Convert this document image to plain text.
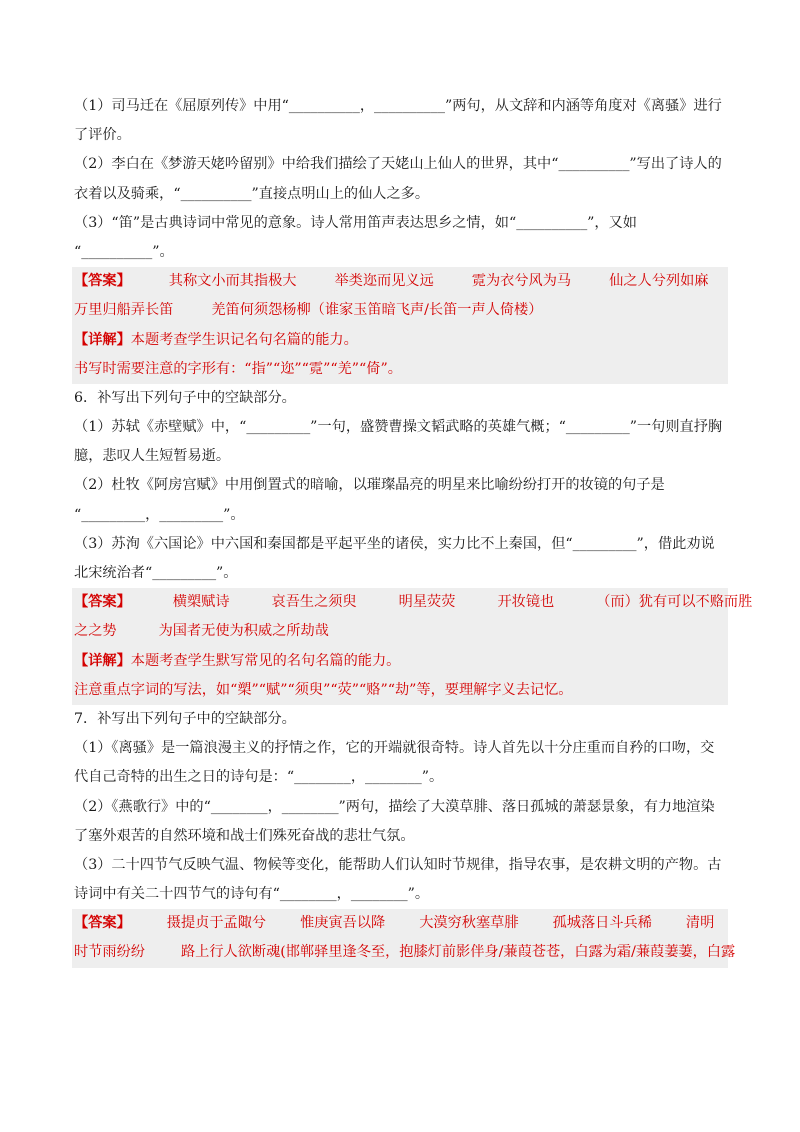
（1）司马迁在《屈原列传》中用“__________，__________”两句，从文辞和内涵等角度对《离骚》进行
了评价。
（2）李白在《梦游天姥吟留别》中给我们描绘了天姥山上仙人的世界，其中“__________”写出了诗人的
衣着以及骑乘，“__________”直接点明山上的仙人之多。
（3）“笛”是古典诗词中常见的意象。诗人常用笛声表达思乡之情，如“__________”，又如
“__________”。
【答案】	其称文小而其指极大	举类迩而见义远	霓为衣兮风为马	仙之人兮列如麻
万里归船弄长笛	羌笛何须怨杨柳（谁家玉笛暗飞声/长笛一声人倚楼）
【详解】本题考查学生识记名句名篇的能力。
书写时需要注意的字形有：“指”“迩”“霓”“羌”“倚”。
6．补写出下列句子中的空缺部分。
（1）苏轼《赤壁赋》中，“_________”一句，盛赞曹操文韬武略的英雄气概；“_________”一句则直抒胸
臆，悲叹人生短暂易逝。
（2）杜牧《阿房宫赋》中用倒置式的暗喻，以璀璨晶亮的明星来比喻纷纷打开的妆镜的句子是
“_________，_________”。
（3）苏洵《六国论》中六国和秦国都是平起平坐的诸侯，实力比不上秦国，但“_________”，借此劝说
北宋统治者“_________”。
【答案】	横槊赋诗	哀吾生之须臾	明星荧荧	开妆镜也	（而）犹有可以不赂而胜
之之势	为国者无使为积威之所劫哉
【详解】本题考查学生默写常见的名句名篇的能力。
注意重点字词的写法，如“槊”“赋”“须臾”“荧”“赂”“劫”等，要理解字义去记忆。
7．补写出下列句子中的空缺部分。
（1）《离骚》是一篇浪漫主义的抒情之作，它的开端就很奇特。诗人首先以十分庄重而自矜的口吻，交
代自己奇特的出生之日的诗句是：“________，________”。
（2）《燕歌行》中的“________，________”两句，描绘了大漠草腓、落日孤城的萧瑟景象，有力地渲染
了塞外艰苦的自然环境和战士们殊死奋战的悲壮气氛。
（3）二十四节气反映气温、物候等变化，能帮助人们认知时节规律，指导农事，是农耕文明的产物。古
诗词中有关二十四节气的诗句有“________，________”。
【答案】	摄提贞于孟陬兮 惟庚寅吾以降 大漠穷秋塞草腓 孤城落日斗兵稀 清明
时节雨纷纷	路上行人欲断魂(邯郸驿里逢冬至，抱膝灯前影伴身/蒹葭苍苍，白露为霜/蒹葭萋萋，白露
